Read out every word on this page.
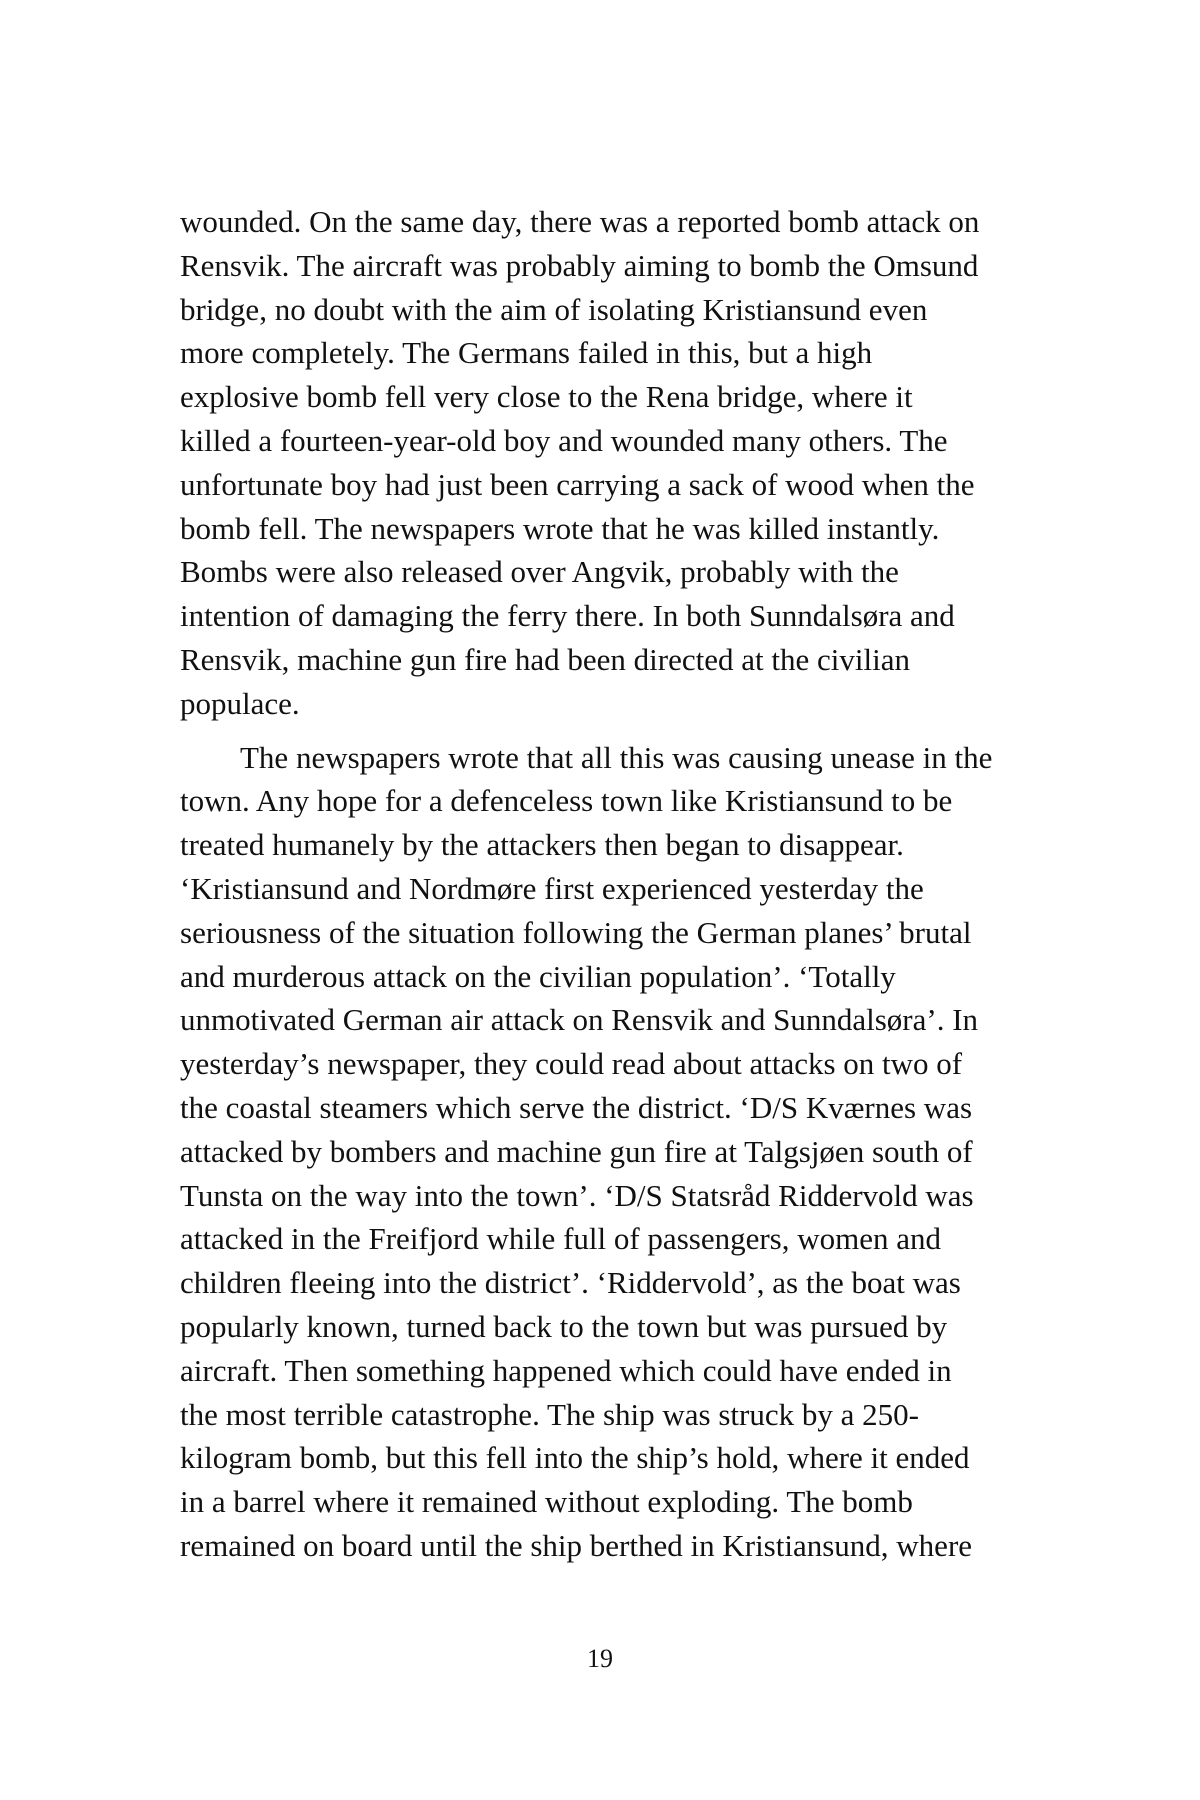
wounded. On the same day, there was a reported bomb attack on
Rensvik. The aircraft was probably aiming to bomb the Omsund
bridge, no doubt with the aim of isolating Kristiansund even
more completely. The Germans failed in this, but a high
explosive bomb fell very close to the Rena bridge, where it
killed a fourteen-year-old boy and wounded many others. The
unfortunate boy had just been carrying a sack of wood when the
bomb fell. The newspapers wrote that he was killed instantly.
Bombs were also released over Angvik, probably with the
intention of damaging the ferry there. In both Sunndalsøra and
Rensvik, machine gun fire had been directed at the civilian
populace.
The newspapers wrote that all this was causing unease in the
town. Any hope for a defenceless town like Kristiansund to be
treated humanely by the attackers then began to disappear.
‘Kristiansund and Nordmøre first experienced yesterday the
seriousness of the situation following the German planes’ brutal
and murderous attack on the civilian population’. ‘Totally
unmotivated German air attack on Rensvik and Sunndalsøra’. In
yesterday’s newspaper, they could read about attacks on two of
the coastal steamers which serve the district. ‘D/S Kværnes was
attacked by bombers and machine gun fire at Talgsjøen south of
Tunsta on the way into the town’. ‘D/S Statsråd Riddervold was
attacked in the Freifjord while full of passengers, women and
children fleeing into the district’. ‘Riddervold’, as the boat was
popularly known, turned back to the town but was pursued by
aircraft. Then something happened which could have ended in
the most terrible catastrophe. The ship was struck by a 250-
kilogram bomb, but this fell into the ship’s hold, where it ended
in a barrel where it remained without exploding. The bomb
remained on board until the ship berthed in Kristiansund, where
19
